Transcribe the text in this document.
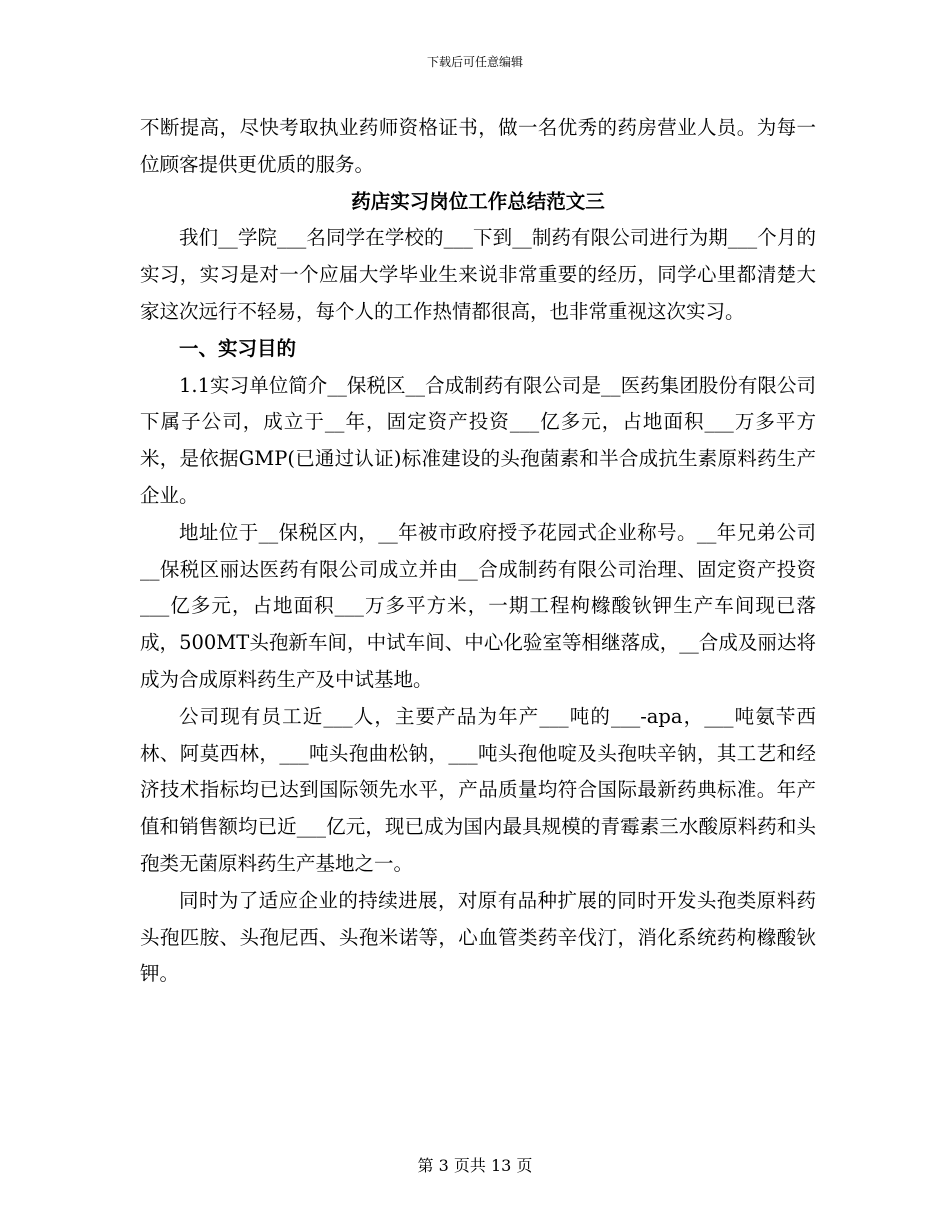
下载后可任意编辑

不断提高，尽快考取执业药师资格证书，做一名优秀的药房营业人员。为每一位顾客提供更优质的服务。

药店实习岗位工作总结范文三

我们__学院___名同学在学校的___下到__制药有限公司进行为期___个月的实习，实习是对一个应届大学毕业生来说非常重要的经历，同学心里都清楚大家这次远行不轻易，每个人的工作热情都很高，也非常重视这次实习。

一、实习目的

1.1实习单位简介__保税区__合成制药有限公司是__医药集团股份有限公司下属子公司，成立于__年，固定资产投资___亿多元，占地面积___万多平方米，是依据GMP(已通过认证)标准建设的头孢菌素和半合成抗生素原料药生产企业。

地址位于__保税区内，__年被市政府授予花园式企业称号。__年兄弟公司__保税区丽达医药有限公司成立并由__合成制药有限公司治理、固定资产投资___亿多元，占地面积___万多平方米，一期工程枸橼酸钬钾生产车间现已落成，500MT头孢新车间，中试车间、中心化验室等相继落成，__合成及丽达将成为合成原料药生产及中试基地。

公司现有员工近___人，主要产品为年产___吨的___-apa，___吨氨苄西林、阿莫西林，___吨头孢曲松钠，___吨头孢他啶及头孢呋辛钠，其工艺和经济技术指标均已达到国际领先水平，产品质量均符合国际最新药典标准。年产值和销售额均已近___亿元，现已成为国内最具规模的青霉素三水酸原料药和头孢类无菌原料药生产基地之一。

同时为了适应企业的持续进展，对原有品种扩展的同时开发头孢类原料药头孢匹胺、头孢尼西、头孢米诺等，心血管类药辛伐汀，消化系统药枸橼酸钬钾。

第 3 页共 13 页
